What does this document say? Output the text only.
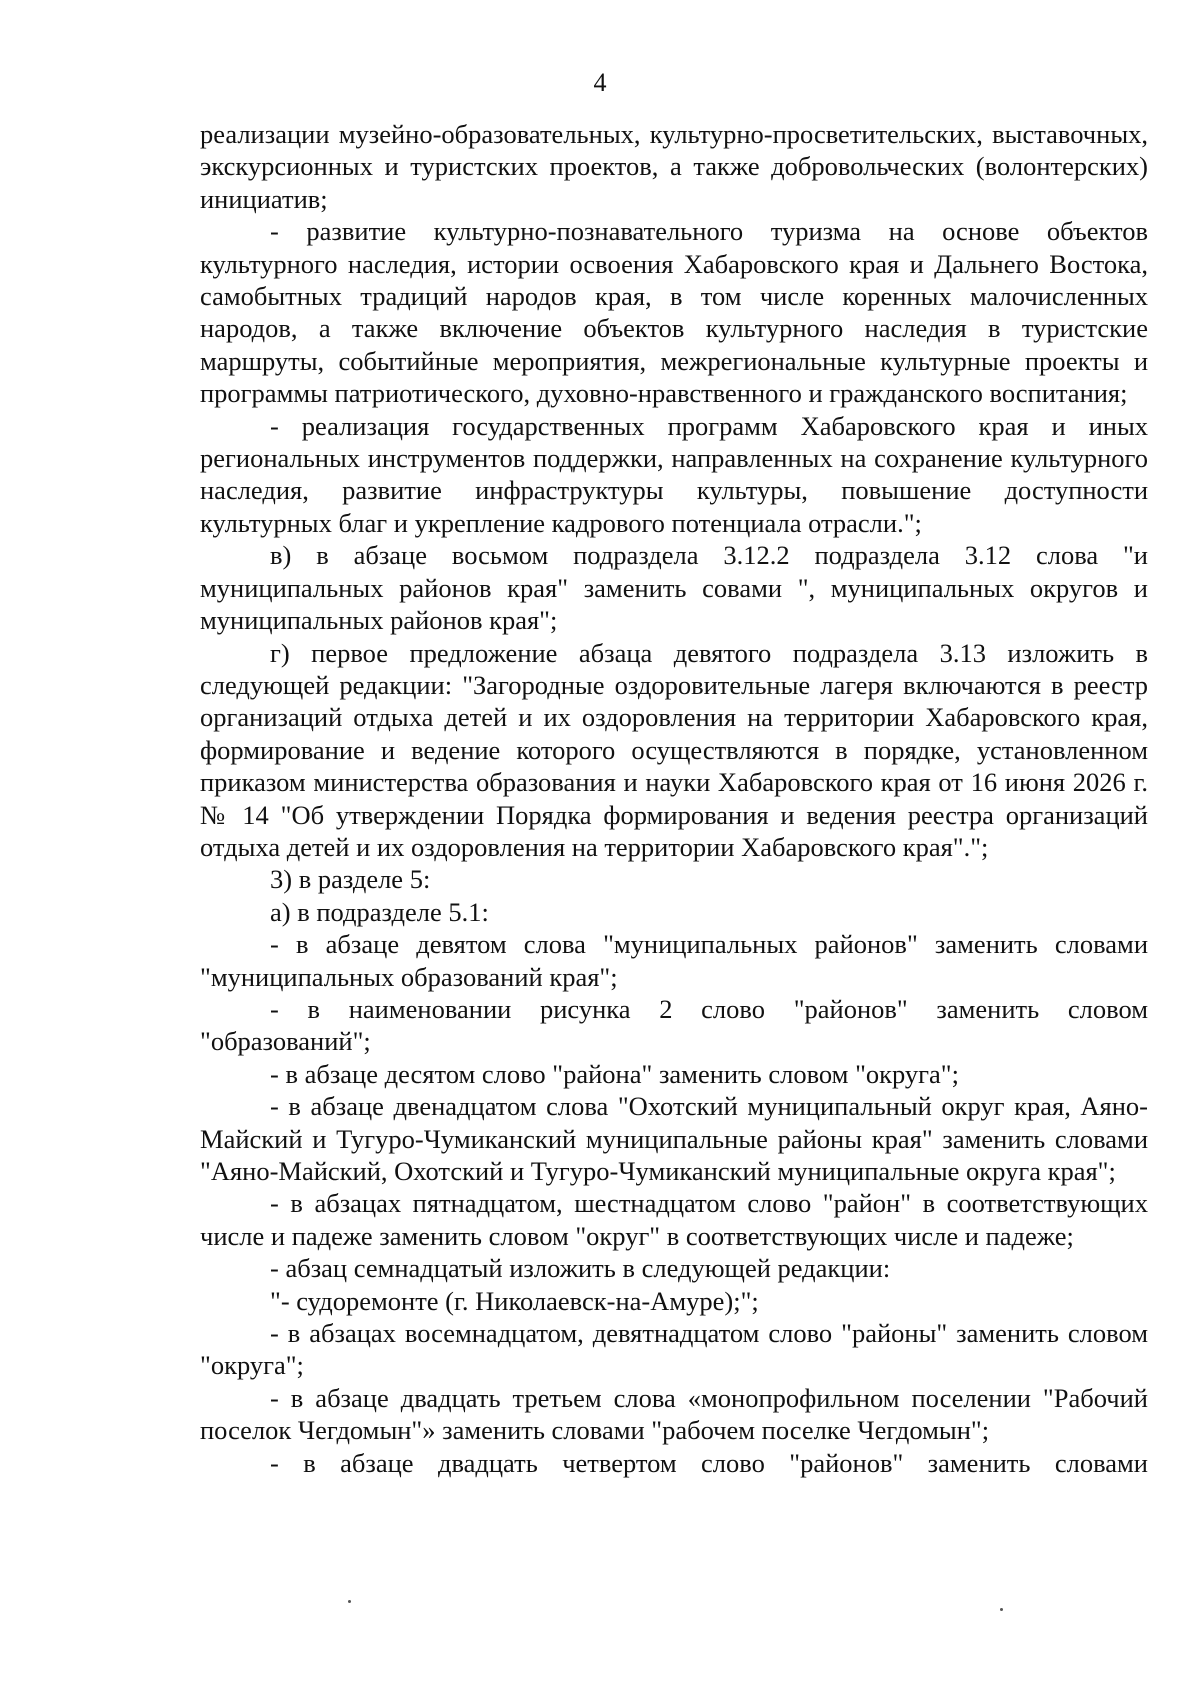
4

реализации музейно-образовательных, культурно-просветительских, выставочных, экскурсионных и туристских проектов, а также добровольческих (волонтерских) инициатив;

- развитие культурно-познавательного туризма на основе объектов культурного наследия, истории освоения Хабаровского края и Дальнего Востока, самобытных традиций народов края, в том числе коренных малочисленных народов, а также включение объектов культурного наследия в туристские маршруты, событийные мероприятия, межрегиональные культурные проекты и программы патриотического, духовно-нравственного и гражданского воспитания;

- реализация государственных программ Хабаровского края и иных региональных инструментов поддержки, направленных на сохранение культурного наследия, развитие инфраструктуры культуры, повышение доступности культурных благ и укрепление кадрового потенциала отрасли.";

в) в абзаце восьмом подраздела 3.12.2 подраздела 3.12 слова "и муниципальных районов края" заменить совами ", муниципальных округов и муниципальных районов края";

г) первое предложение абзаца девятого подраздела 3.13 изложить в следующей редакции: "Загородные оздоровительные лагеря включаются в реестр организаций отдыха детей и их оздоровления на территории Хабаровского края, формирование и ведение которого осуществляются в порядке, установленном приказом министерства образования и науки Хабаровского края от 16 июня 2026 г. № 14 "Об утверждении Порядка формирования и ведения реестра организаций отдыха детей и их оздоровления на территории Хабаровского края".";

3) в разделе 5:

а) в подразделе 5.1:

- в абзаце девятом слова "муниципальных районов" заменить словами "муниципальных образований края";

- в наименовании рисунка 2 слово "районов" заменить словом "образований";

- в абзаце десятом слово "района" заменить словом "округа";

- в абзаце двенадцатом слова "Охотский муниципальный округ края, Аяно-Майский и Тугуро-Чумиканский муниципальные районы края" заменить словами "Аяно-Майский, Охотский и Тугуро-Чумиканский муниципальные округа края";

- в абзацах пятнадцатом, шестнадцатом слово "район" в соответствующих числе и падеже заменить словом "округ" в соответствующих числе и падеже;

- абзац семнадцатый изложить в следующей редакции:

"- судоремонте (г. Николаевск-на-Амуре);";

- в абзацах восемнадцатом, девятнадцатом слово "районы" заменить словом "округа";

- в абзаце двадцать третьем слова «монопрофильном поселении "Рабочий поселок Чегдомын"» заменить словами "рабочем поселке Чегдомын";

- в абзаце двадцать четвертом слово "районов" заменить словами
